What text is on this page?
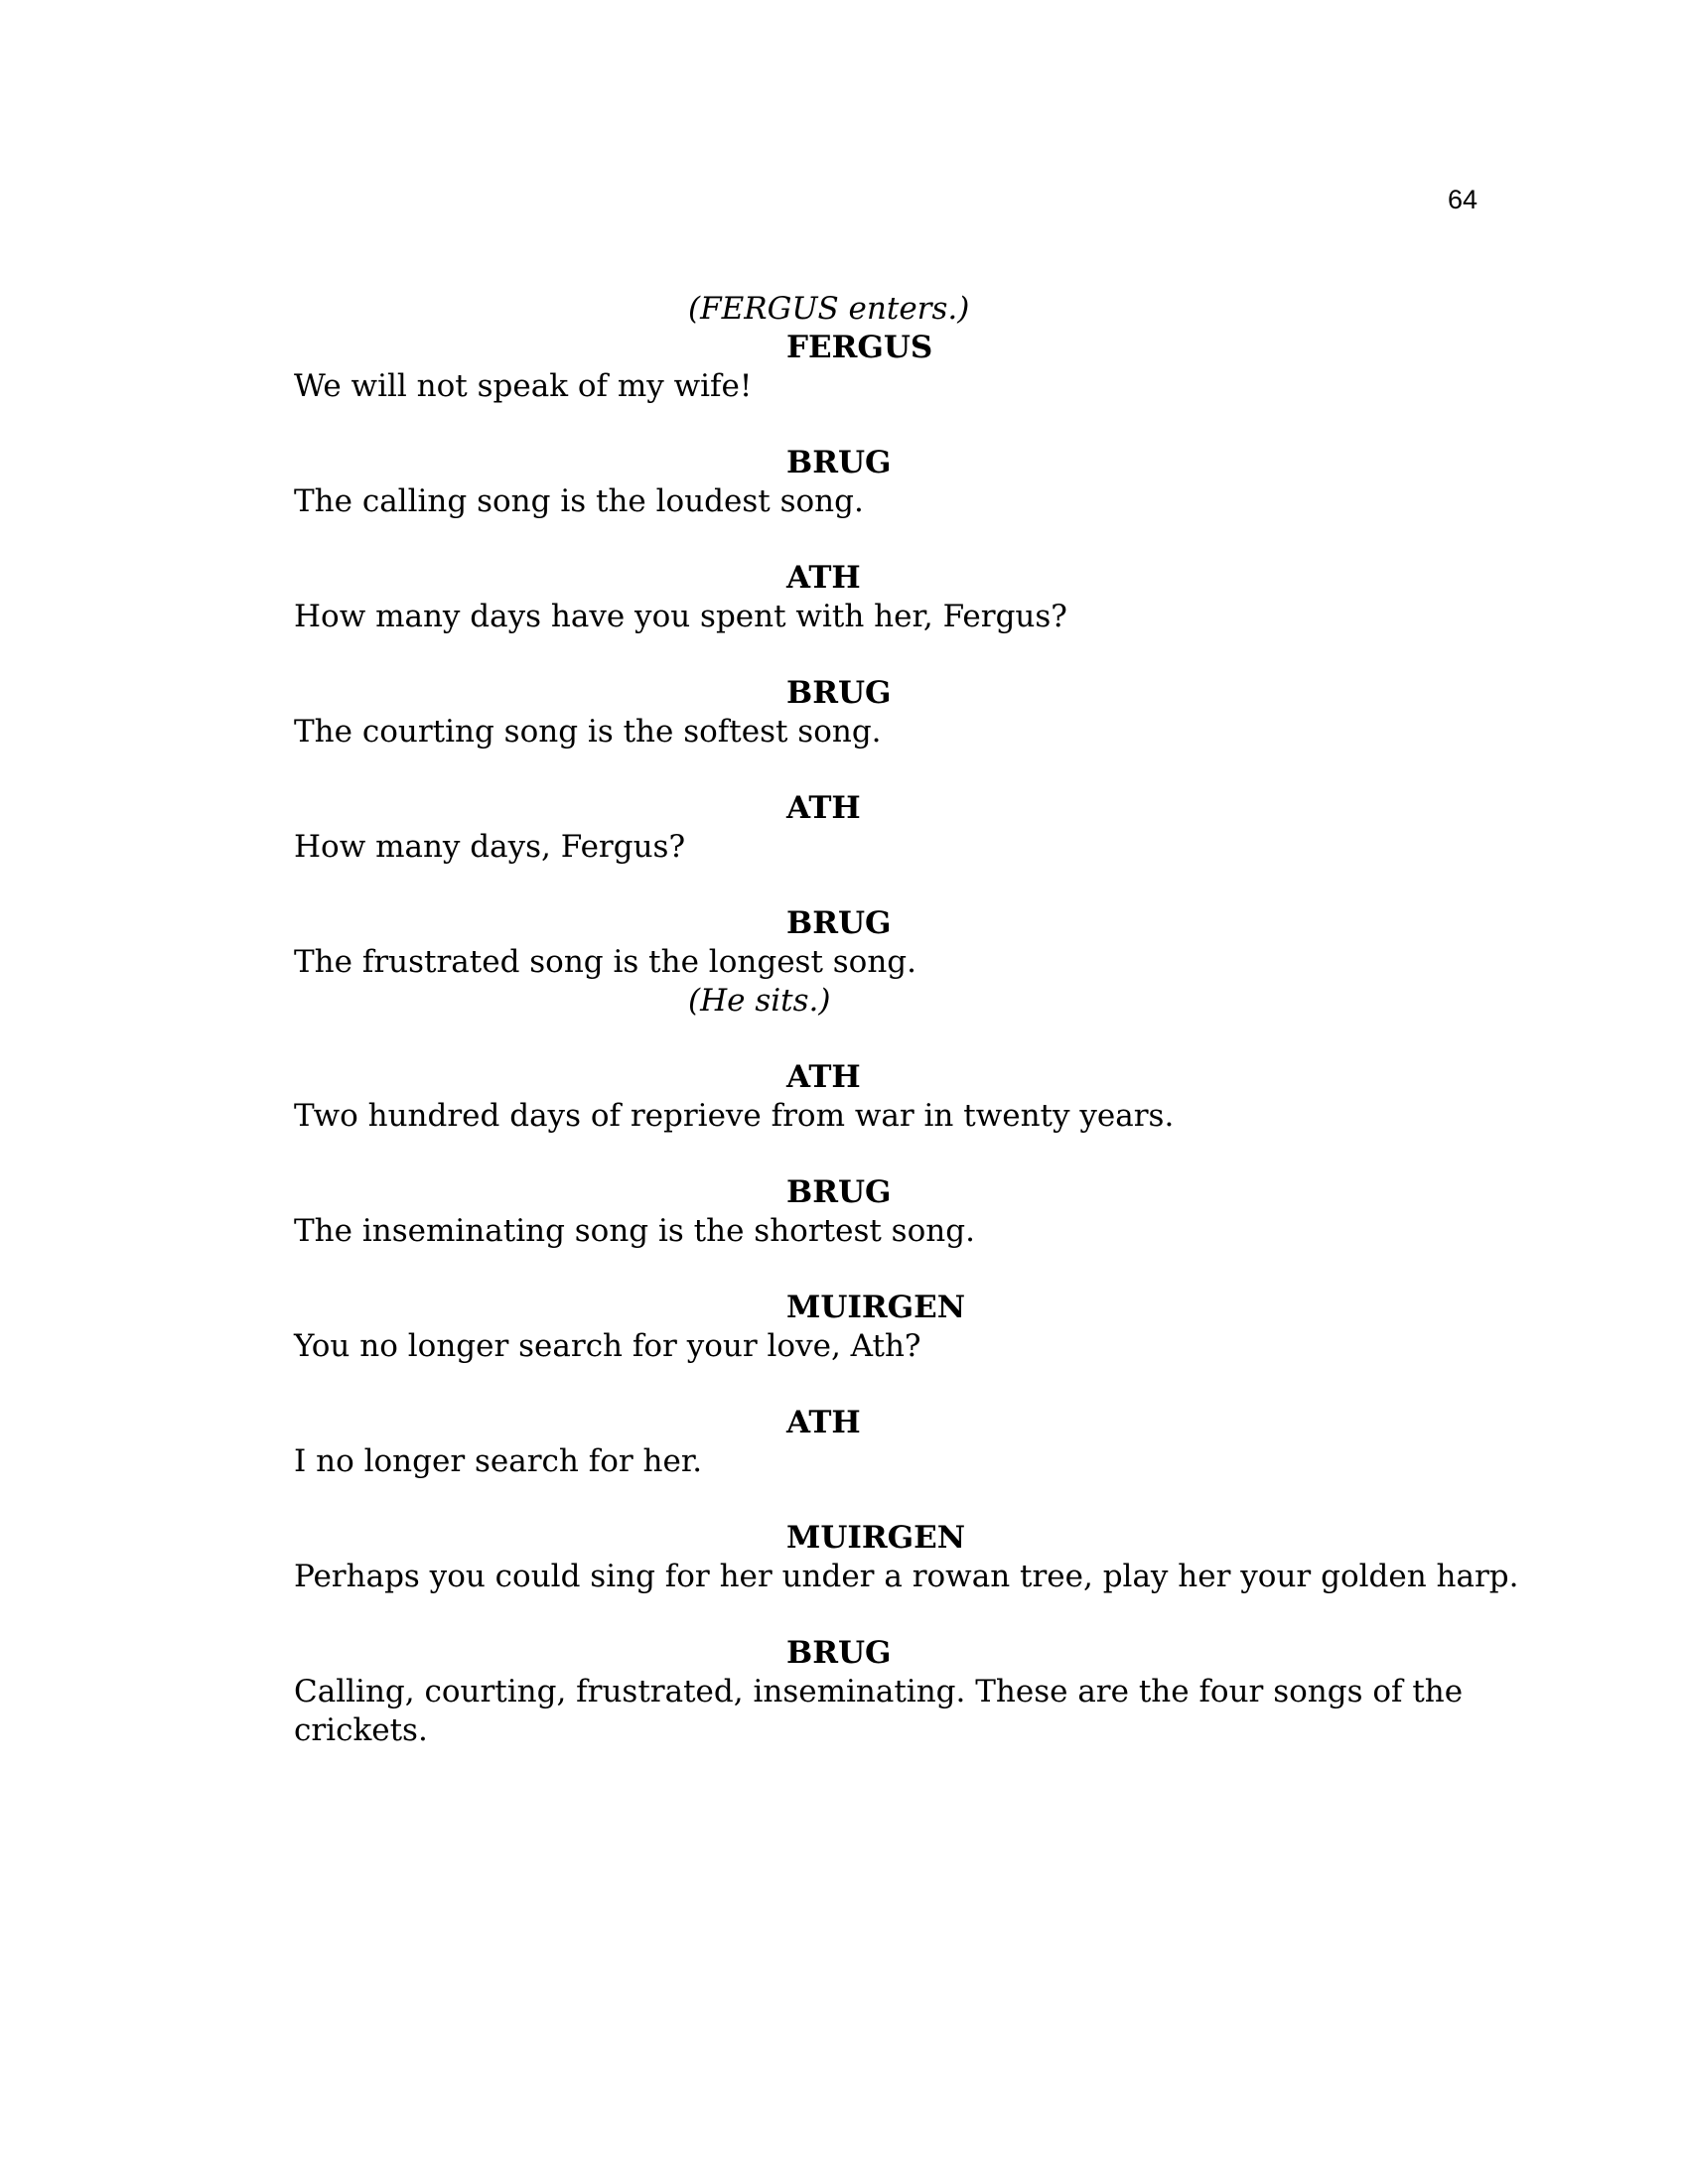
64
(FERGUS enters.)
FERGUS
We will not speak of my wife!
BRUG
The calling song is the loudest song.
ATH
How many days have you spent with her, Fergus?
BRUG
The courting song is the softest song.
ATH
How many days, Fergus?
BRUG
The frustrated song is the longest song.
(He sits.)
ATH
Two hundred days of reprieve from war in twenty years.
BRUG
The inseminating song is the shortest song.
MUIRGEN
You no longer search for your love, Ath?
ATH
I no longer search for her.
MUIRGEN
Perhaps you could sing for her under a rowan tree, play her your golden harp.
BRUG
Calling, courting, frustrated, inseminating. These are the four songs of the
crickets.
